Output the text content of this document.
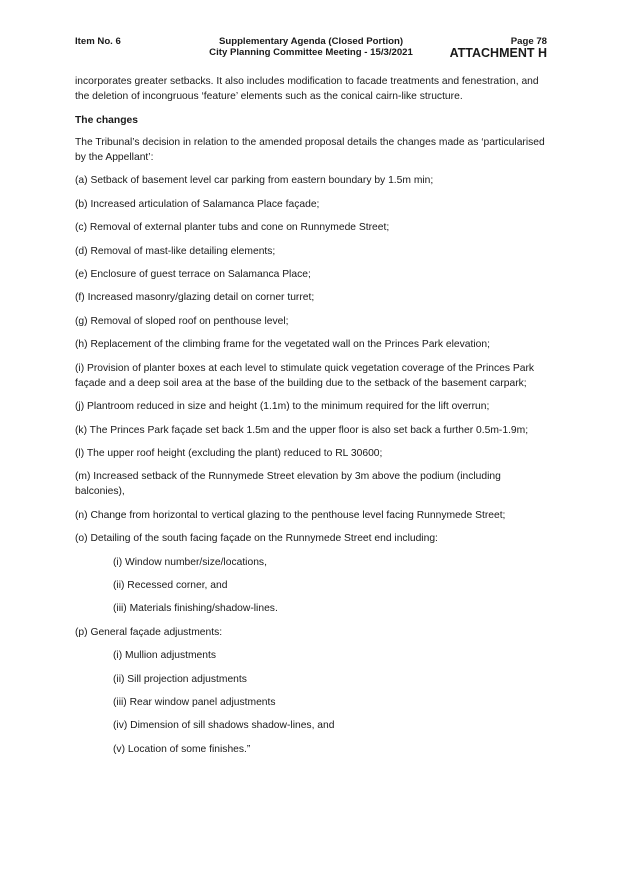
Item No. 6	Supplementary Agenda (Closed Portion)
City Planning Committee Meeting - 15/3/2021
Page 78
ATTACHMENT H

incorporates greater setbacks. It also includes modification to facade treatments and fenestration, and the deletion of incongruous ‘feature’ elements such as the conical cairn-like structure.

The changes

The Tribunal’s decision in relation to the amended proposal details the changes made as ‘particularised by the Appellant’:

(a) Setback of basement level car parking from eastern boundary by 1.5m min;

(b) Increased articulation of Salamanca Place façade;

(c) Removal of external planter tubs and cone on Runnymede Street;

(d) Removal of mast-like detailing elements;

(e) Enclosure of guest terrace on Salamanca Place;

(f) Increased masonry/glazing detail on corner turret;

(g) Removal of sloped roof on penthouse level;

(h) Replacement of the climbing frame for the vegetated wall on the Princes Park elevation;

(i) Provision of planter boxes at each level to stimulate quick vegetation coverage of the Princes Park façade and a deep soil area at the base of the building due to the setback of the basement carpark;

(j) Plantroom reduced in size and height (1.1m) to the minimum required for the lift overrun;

(k) The Princes Park façade set back 1.5m and the upper floor is also set back a further 0.5m-1.9m;

(l) The upper roof height (excluding the plant) reduced to RL 30600;

(m) Increased setback of the Runnymede Street elevation by 3m above the podium (including balconies),

(n) Change from horizontal to vertical glazing to the penthouse level facing Runnymede Street;

(o) Detailing of the south facing façade on the Runnymede Street end including:

(i) Window number/size/locations,

(ii) Recessed corner, and

(iii) Materials finishing/shadow-lines.

(p) General façade adjustments:

(i) Mullion adjustments

(ii) Sill projection adjustments

(iii) Rear window panel adjustments

(iv) Dimension of sill shadows shadow-lines, and

(v) Location of some finishes.”
